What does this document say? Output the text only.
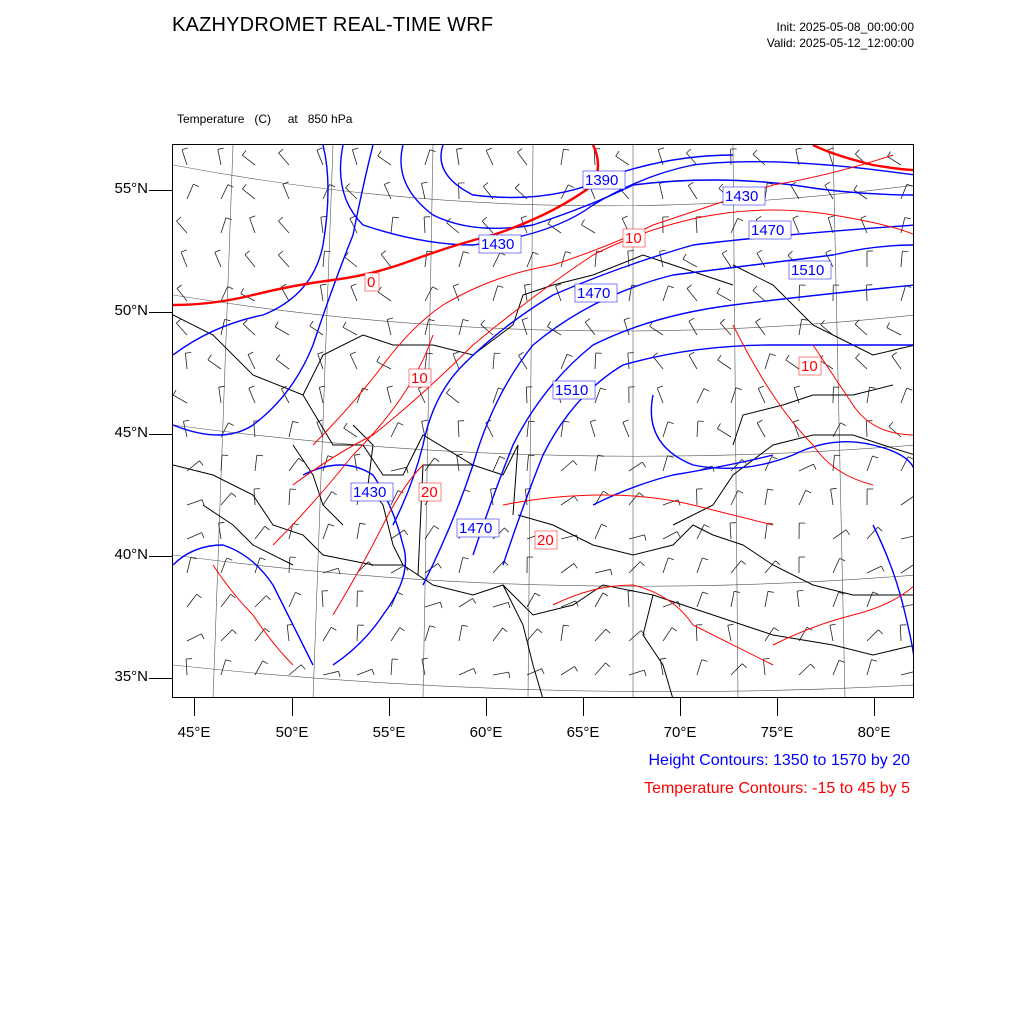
KAZHYDROMET REAL-TIME WRF	Init: 2025-05-08_00:00:00
Valid: 2025-05-12_12:00:00

Temperature   (C)     at   850 hPa

1390
1430
1430
1470
1470
1510
1510
1430
1470
0
10
10
10
20
20
55°N
50°N
45°N
40°N
35°N
45°E	50°E	55°E	60°E	65°E	70°E	75°E	80°E
Height Contours: 1350 to 1570 by 20
Temperature Contours: -15 to 45 by 5
